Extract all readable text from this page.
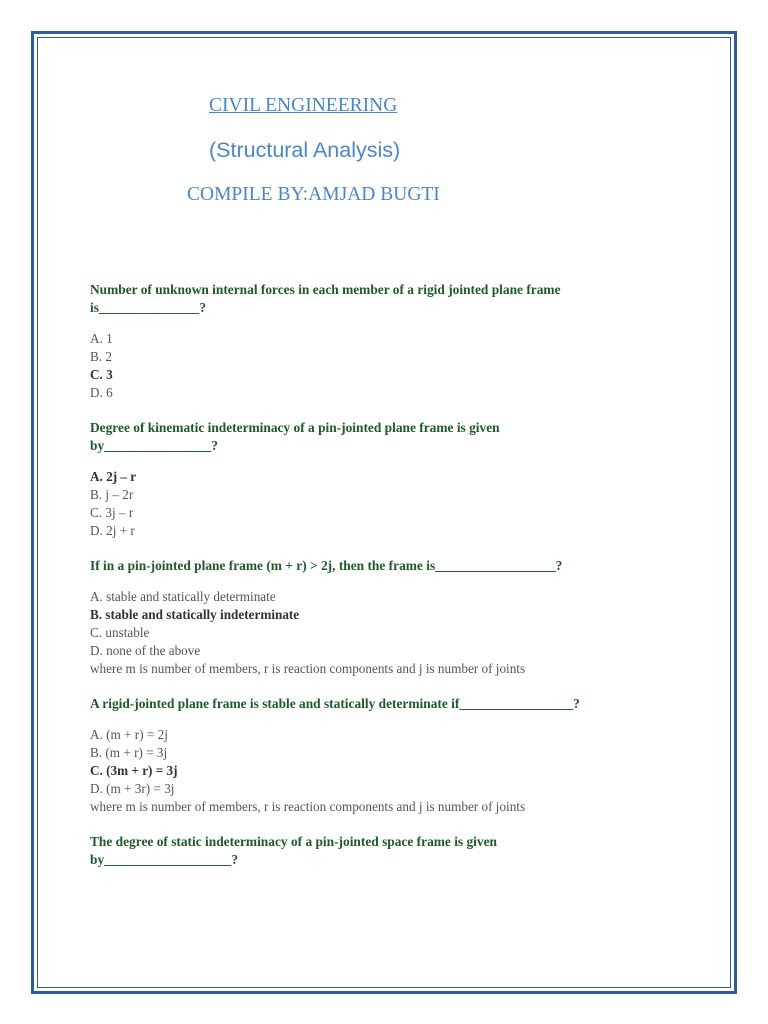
CIVIL ENGINEERING
(Structural Analysis)
COMPILE BY:AMJAD BUGTI

Number of unknown internal forces in each member of a rigid jointed plane frame
is_______________?

A. 1
B. 2
C. 3
D. 6

Degree of kinematic indeterminacy of a pin-jointed plane frame is given
by________________?

A. 2j – r
B. j – 2r
C. 3j – r
D. 2j + r

If in a pin-jointed plane frame (m + r) > 2j, then the frame is__________________?

A. stable and statically determinate
B. stable and statically indeterminate
C. unstable
D. none of the above

where m is number of members, r is reaction components and j is number of joints

A rigid-jointed plane frame is stable and statically determinate if_________________?

A. (m + r) = 2j
B. (m + r) = 3j
C. (3m + r) = 3j
D. (m + 3r) = 3j

where m is number of members, r is reaction components and j is number of joints

The degree of static indeterminacy of a pin-jointed space frame is given
by___________________?
